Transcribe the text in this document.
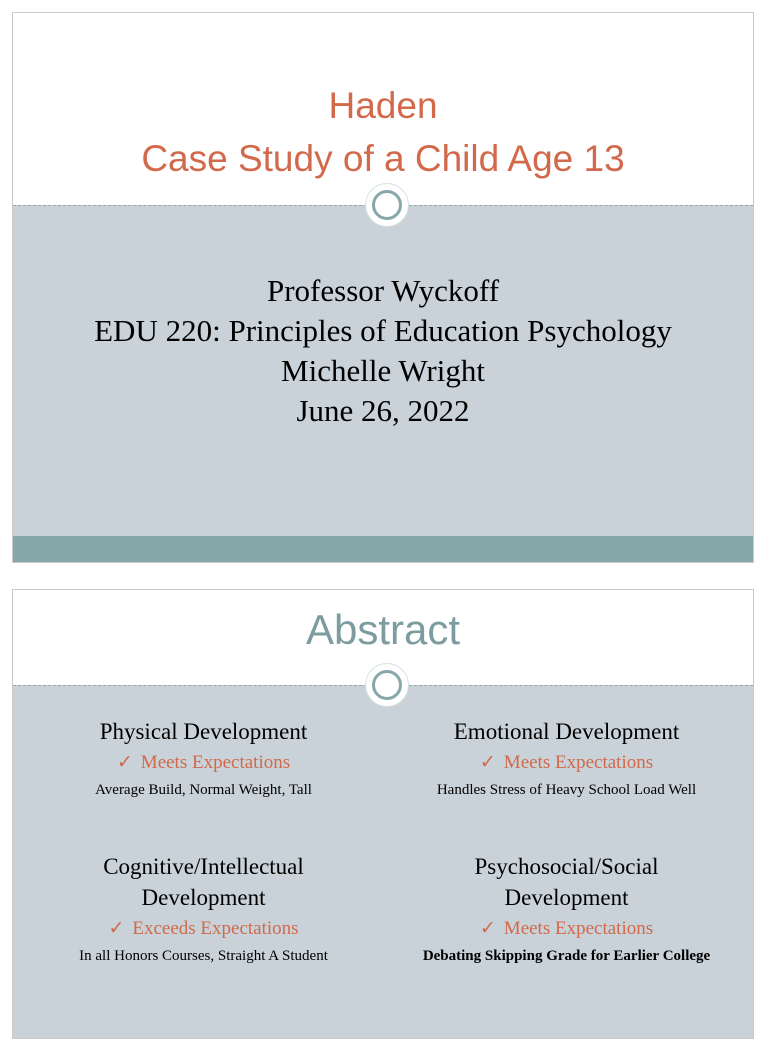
Haden
Case Study of a Child Age 13
Professor Wyckoff
EDU 220: Principles of Education Psychology
Michelle Wright
June 26, 2022
Abstract
Physical Development
✓ Meets Expectations
Average Build, Normal Weight, Tall
Emotional Development
✓ Meets Expectations
Handles Stress of Heavy School Load Well
Cognitive/Intellectual
Development
✓ Exceeds Expectations
In all Honors Courses, Straight A Student
Psychosocial/Social
Development
✓ Meets Expectations
Debating Skipping Grade for Earlier College
